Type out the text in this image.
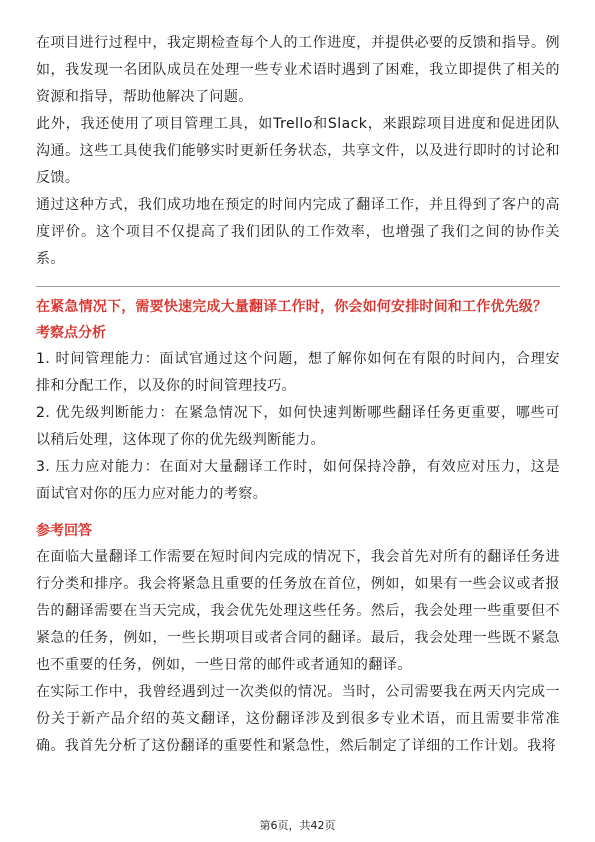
在项目进行过程中，我定期检查每个人的工作进度，并提供必要的反馈和指导。例如，我发现一名团队成员在处理一些专业术语时遇到了困难，我立即提供了相关的资源和指导，帮助他解决了问题。

此外，我还使用了项目管理工具，如Trello和Slack，来跟踪项目进度和促进团队沟通。这些工具使我们能够实时更新任务状态，共享文件，以及进行即时的讨论和反馈。

通过这种方式，我们成功地在预定的时间内完成了翻译工作，并且得到了客户的高度评价。这个项目不仅提高了我们团队的工作效率，也增强了我们之间的协作关系。

在紧急情况下，需要快速完成大量翻译工作时，你会如何安排时间和工作优先级？

考察点分析

1. 时间管理能力：面试官通过这个问题，想了解你如何在有限的时间内，合理安排和分配工作，以及你的时间管理技巧。

2. 优先级判断能力：在紧急情况下，如何快速判断哪些翻译任务更重要，哪些可以稍后处理，这体现了你的优先级判断能力。

3. 压力应对能力：在面对大量翻译工作时，如何保持冷静，有效应对压力，这是面试官对你的压力应对能力的考察。

参考回答

在面临大量翻译工作需要在短时间内完成的情况下，我会首先对所有的翻译任务进行分类和排序。我会将紧急且重要的任务放在首位，例如，如果有一些会议或者报告的翻译需要在当天完成，我会优先处理这些任务。然后，我会处理一些重要但不紧急的任务，例如，一些长期项目或者合同的翻译。最后，我会处理一些既不紧急也不重要的任务，例如，一些日常的邮件或者通知的翻译。

在实际工作中，我曾经遇到过一次类似的情况。当时，公司需要我在两天内完成一份关于新产品介绍的英文翻译，这份翻译涉及到很多专业术语，而且需要非常准确。我首先分析了这份翻译的重要性和紧急性，然后制定了详细的工作计划。我将

第6页，共42页
